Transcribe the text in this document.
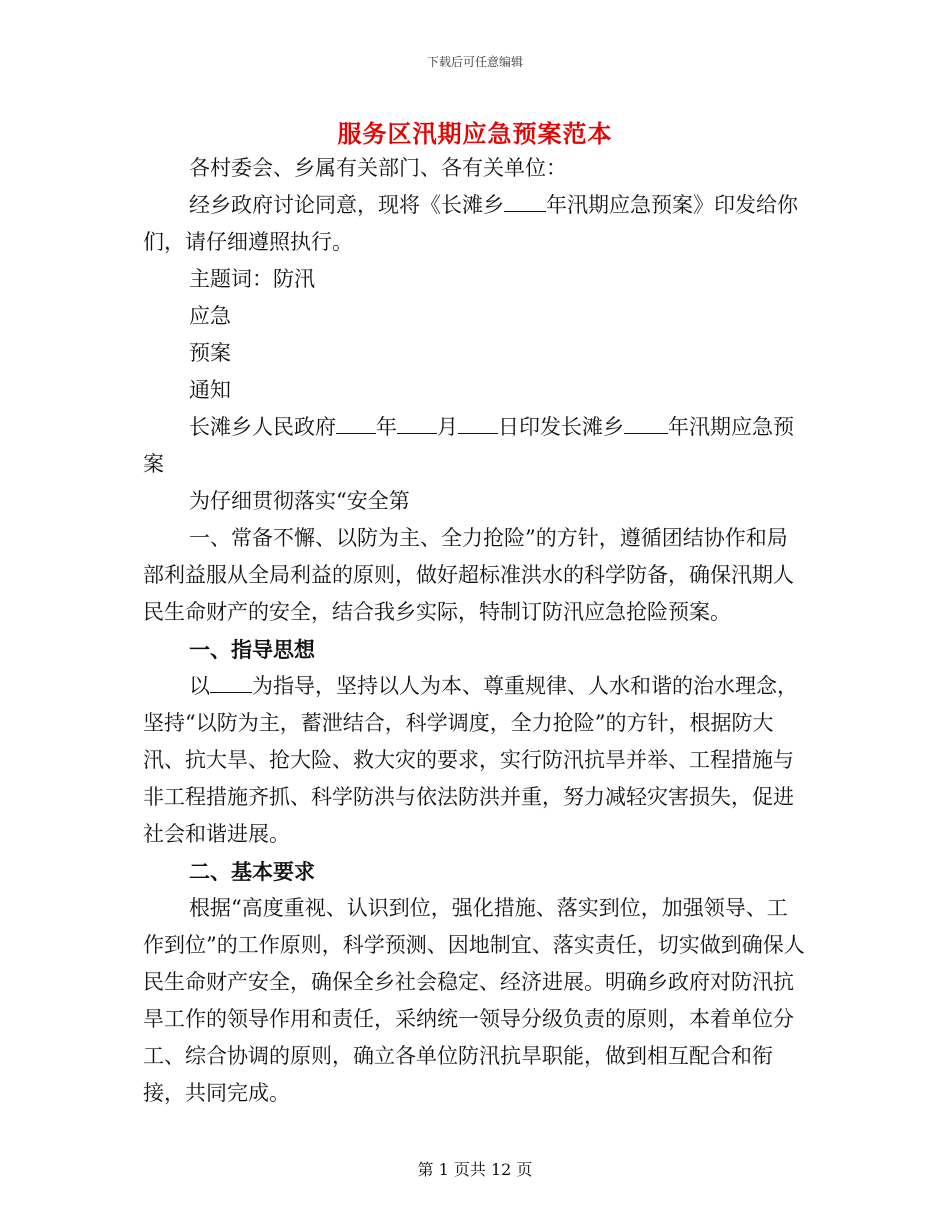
下载后可任意编辑
服务区汛期应急预案范本

各村委会、乡属有关部门、各有关单位：

经乡政府讨论同意，现将《长滩乡 年汛期应急预案》印发给你们，请仔细遵照执行。

主题词：防汛

应急

预案

通知

长滩乡人民政府 年 月 日印发长滩乡 年汛期应急预案

为仔细贯彻落实“安全第

一、常备不懈、以防为主、全力抢险”的方针，遵循团结协作和局部利益服从全局利益的原则，做好超标准洪水的科学防备，确保汛期人民生命财产的安全，结合我乡实际，特制订防汛应急抢险预案。

一、指导思想

以 为指导，坚持以人为本、尊重规律、人水和谐的治水理念，坚持“以防为主，蓄泄结合，科学调度，全力抢险”的方针，根据防大汛、抗大旱、抢大险、救大灾的要求，实行防汛抗旱并举、工程措施与非工程措施齐抓、科学防洪与依法防洪并重，努力减轻灾害损失，促进社会和谐进展。

二、基本要求

根据“高度重视、认识到位，强化措施、落实到位，加强领导、工作到位”的工作原则，科学预测、因地制宜、落实责任，切实做到确保人民生命财产安全，确保全乡社会稳定、经济进展。明确乡政府对防汛抗旱工作的领导作用和责任，采纳统一领导分级负责的原则，本着单位分工、综合协调的原则，确立各单位防汛抗旱职能，做到相互配合和衔接，共同完成。

第 1 页共 12 页
